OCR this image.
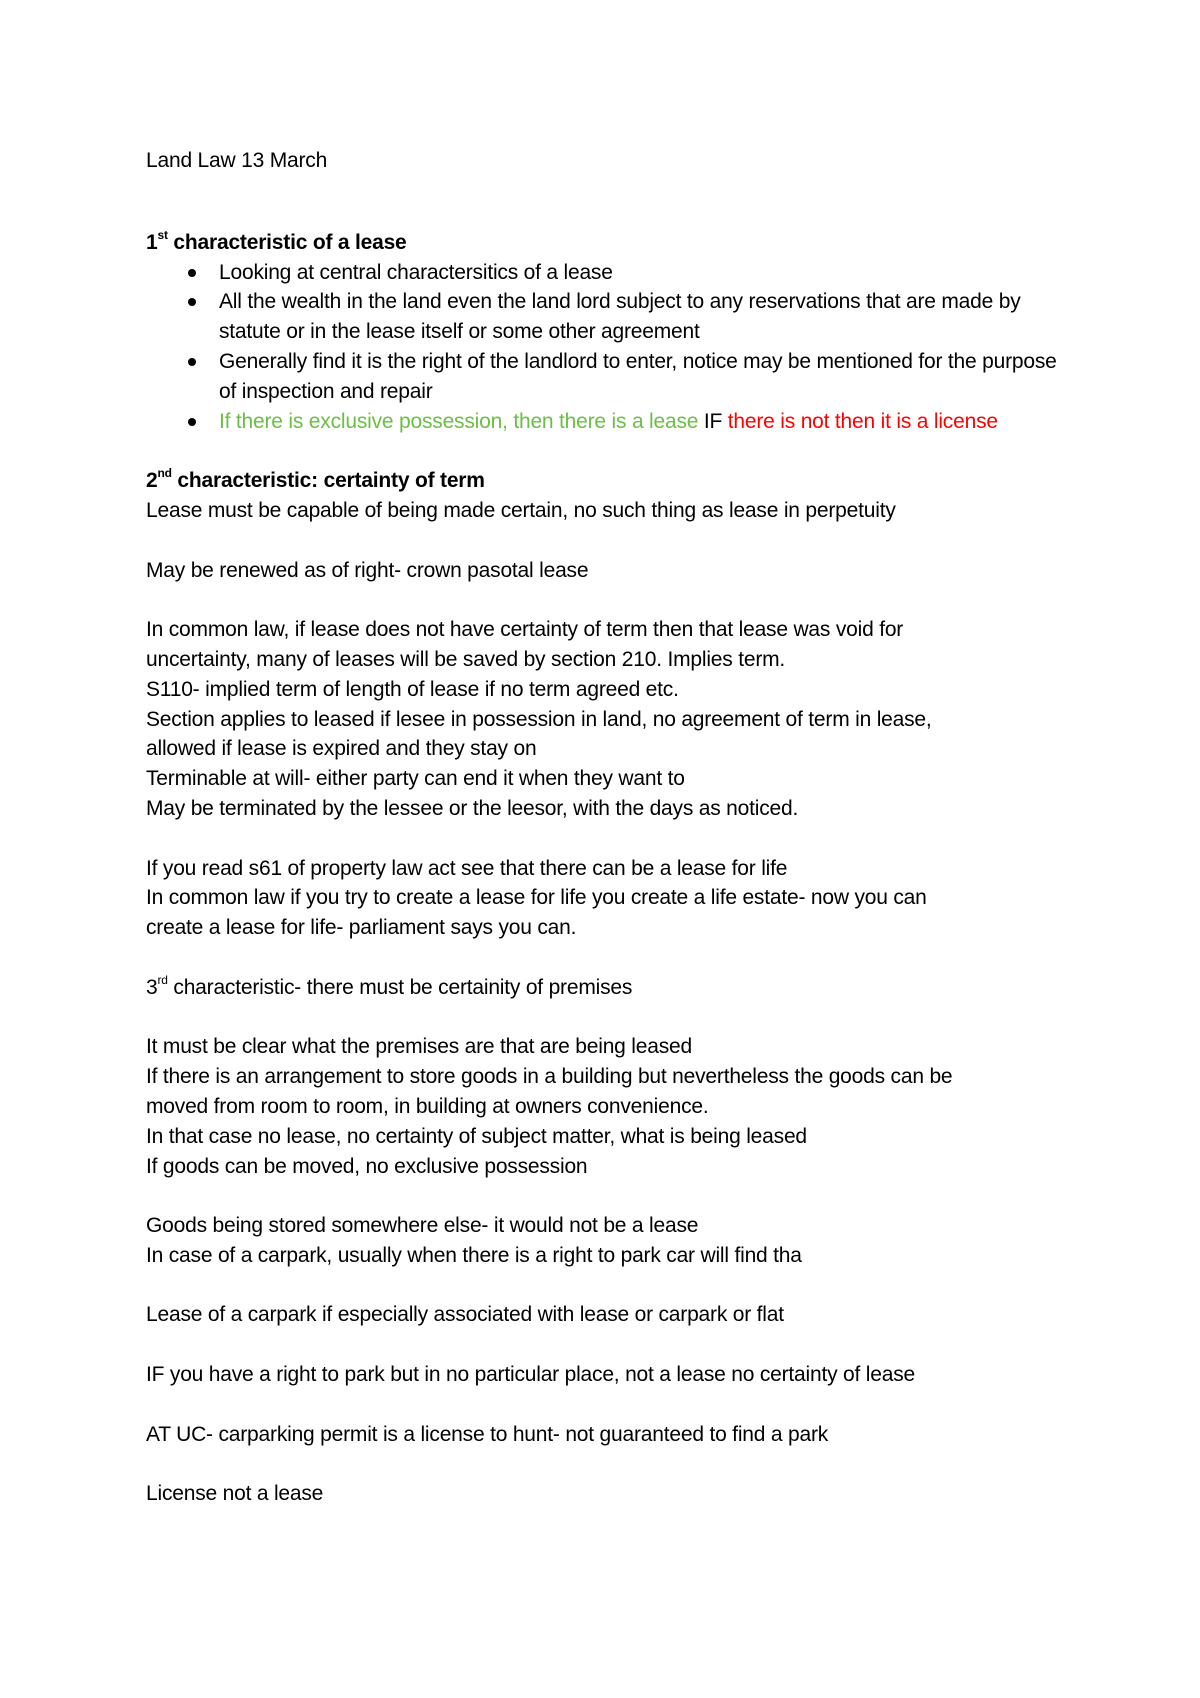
Land Law 13 March

1st characteristic of a lease

Looking at central charactersitics of a lease
All the wealth in the land even the land lord subject to any reservations that are made by statute or in the lease itself or some other agreement
Generally find it is the right of the landlord to enter, notice may be mentioned for the purpose of inspection and repair
If there is exclusive possession, then there is a lease IF there is not then it is a license

2nd characteristic: certainty of term

Lease must be capable of being made certain, no such thing as lease in perpetuity

May be renewed as of right- crown pasotal lease

In common law, if lease does not have certainty of term then that lease was void for

uncertainty, many of leases will be saved by section 210. Implies term.

S110- implied term of length of lease if no term agreed etc.

Section applies to leased if lesee in possession in land, no agreement of term in lease,

allowed if lease is expired and they stay on

Terminable at will- either party can end it when they want to

May be terminated by the lessee or the leesor, with the days as noticed.

If you read s61 of property law act see that there can be a lease for life

In common law if you try to create a lease for life you create a life estate- now you can

create a lease for life- parliament says you can.

3rd characteristic- there must be certainity of premises

It must be clear what the premises are that are being leased

If there is an arrangement to store goods in a building but nevertheless the goods can be

moved from room to room, in building at owners convenience.

In that case no lease, no certainty of subject matter, what is being leased

If goods can be moved, no exclusive possession

Goods being stored somewhere else- it would not be a lease

In case of a carpark, usually when there is a right to park car will find tha

Lease of a carpark if especially associated with lease or carpark or flat

IF you have a right to park but in no particular place, not a lease no certainty of lease

AT UC- carparking permit is a license to hunt- not guaranteed to find a park

License not a lease
